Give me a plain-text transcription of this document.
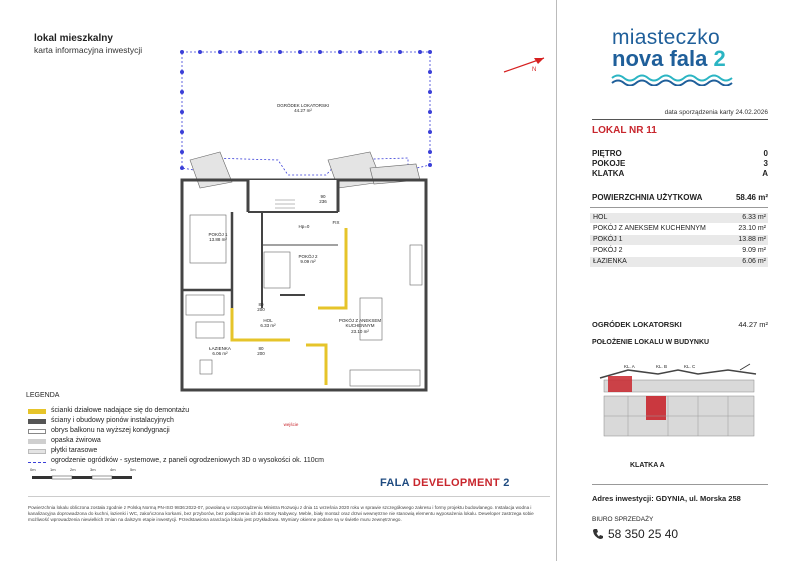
lokal mieszkalny
karta informacyjna inwestycji
N
OGRÓDEK LOKATORSKI
44.27 m²
POKÓJ 1
13.88 m²
POKÓJ 2
9.09 m²
HOL
6.33 m²
ŁAZIENKA
6.06 m²
POKÓJ Z ANEKSEM
KUCHENNYM
23.10 m²
FIX
Hp=0
90
236
80
200
80
200
wejście
LEGENDA
ścianki działowe nadające się do demontażu
ściany i obudowy pionów instalacyjnych
obrys balkonu na wyższej kondygnacji
opaska żwirowa
płytki tarasowe
ogrodzenie ogródków - systemowe, z paneli ogrodzeniowych 3D o wysokości ok. 110cm
0m	1m	2m	3m	4m	5m
FALA DEVELOPMENT 2
Powierzchnia lokalu obliczona została zgodnie z Polską Normą PN-ISO 9836:2022-07, powołaną w rozporządzeniu Ministra Rozwoju z dnia 11 września 2020 roku w sprawie szczegółowego zakresu i formy projektu budowlanego. Instalacja wodna i kanalizacyjna doprowadzona do kuchni, łazienki i WC, zakończona korkami, bez przyborów, bez podłączenia ich do strony Nabywcy. Meble, biały montaż oraz drzwi wewnętrzne nie stanowią elementu wyposażenia lokalu. Deweloper zastrzega sobie możliwość wprowadzenia niewielkich zmian na dalszym etapie inwestycji. Przedstawiona aranżacja lokalu jest przykładowa. Wymiary okienne podane są w świetle muru zewnętrznego.
miasteczko
nova fala 2
data sporządzenia karty 24.02.2026
LOKAL NR 11
PIĘTRO	0
POKOJE	3
KLATKA	A
POWIERZCHNIA UŻYTKOWA	58.46 m²
HOL	6.33 m²
POKÓJ Z ANEKSEM KUCHENNYM	23.10 m²
POKÓJ 1	13.88 m²
POKÓJ 2	9.09 m²
ŁAZIENKA	6.06 m²
OGRÓDEK LOKATORSKI	44.27 m²
POŁOŻENIE LOKALU W BUDYNKU
KL. A	KL. B	KL. C
KLATKA A
Adres inwestycji: GDYNIA, ul. Morska 258
BIURO SPRZEDAŻY
58 350 25 40
